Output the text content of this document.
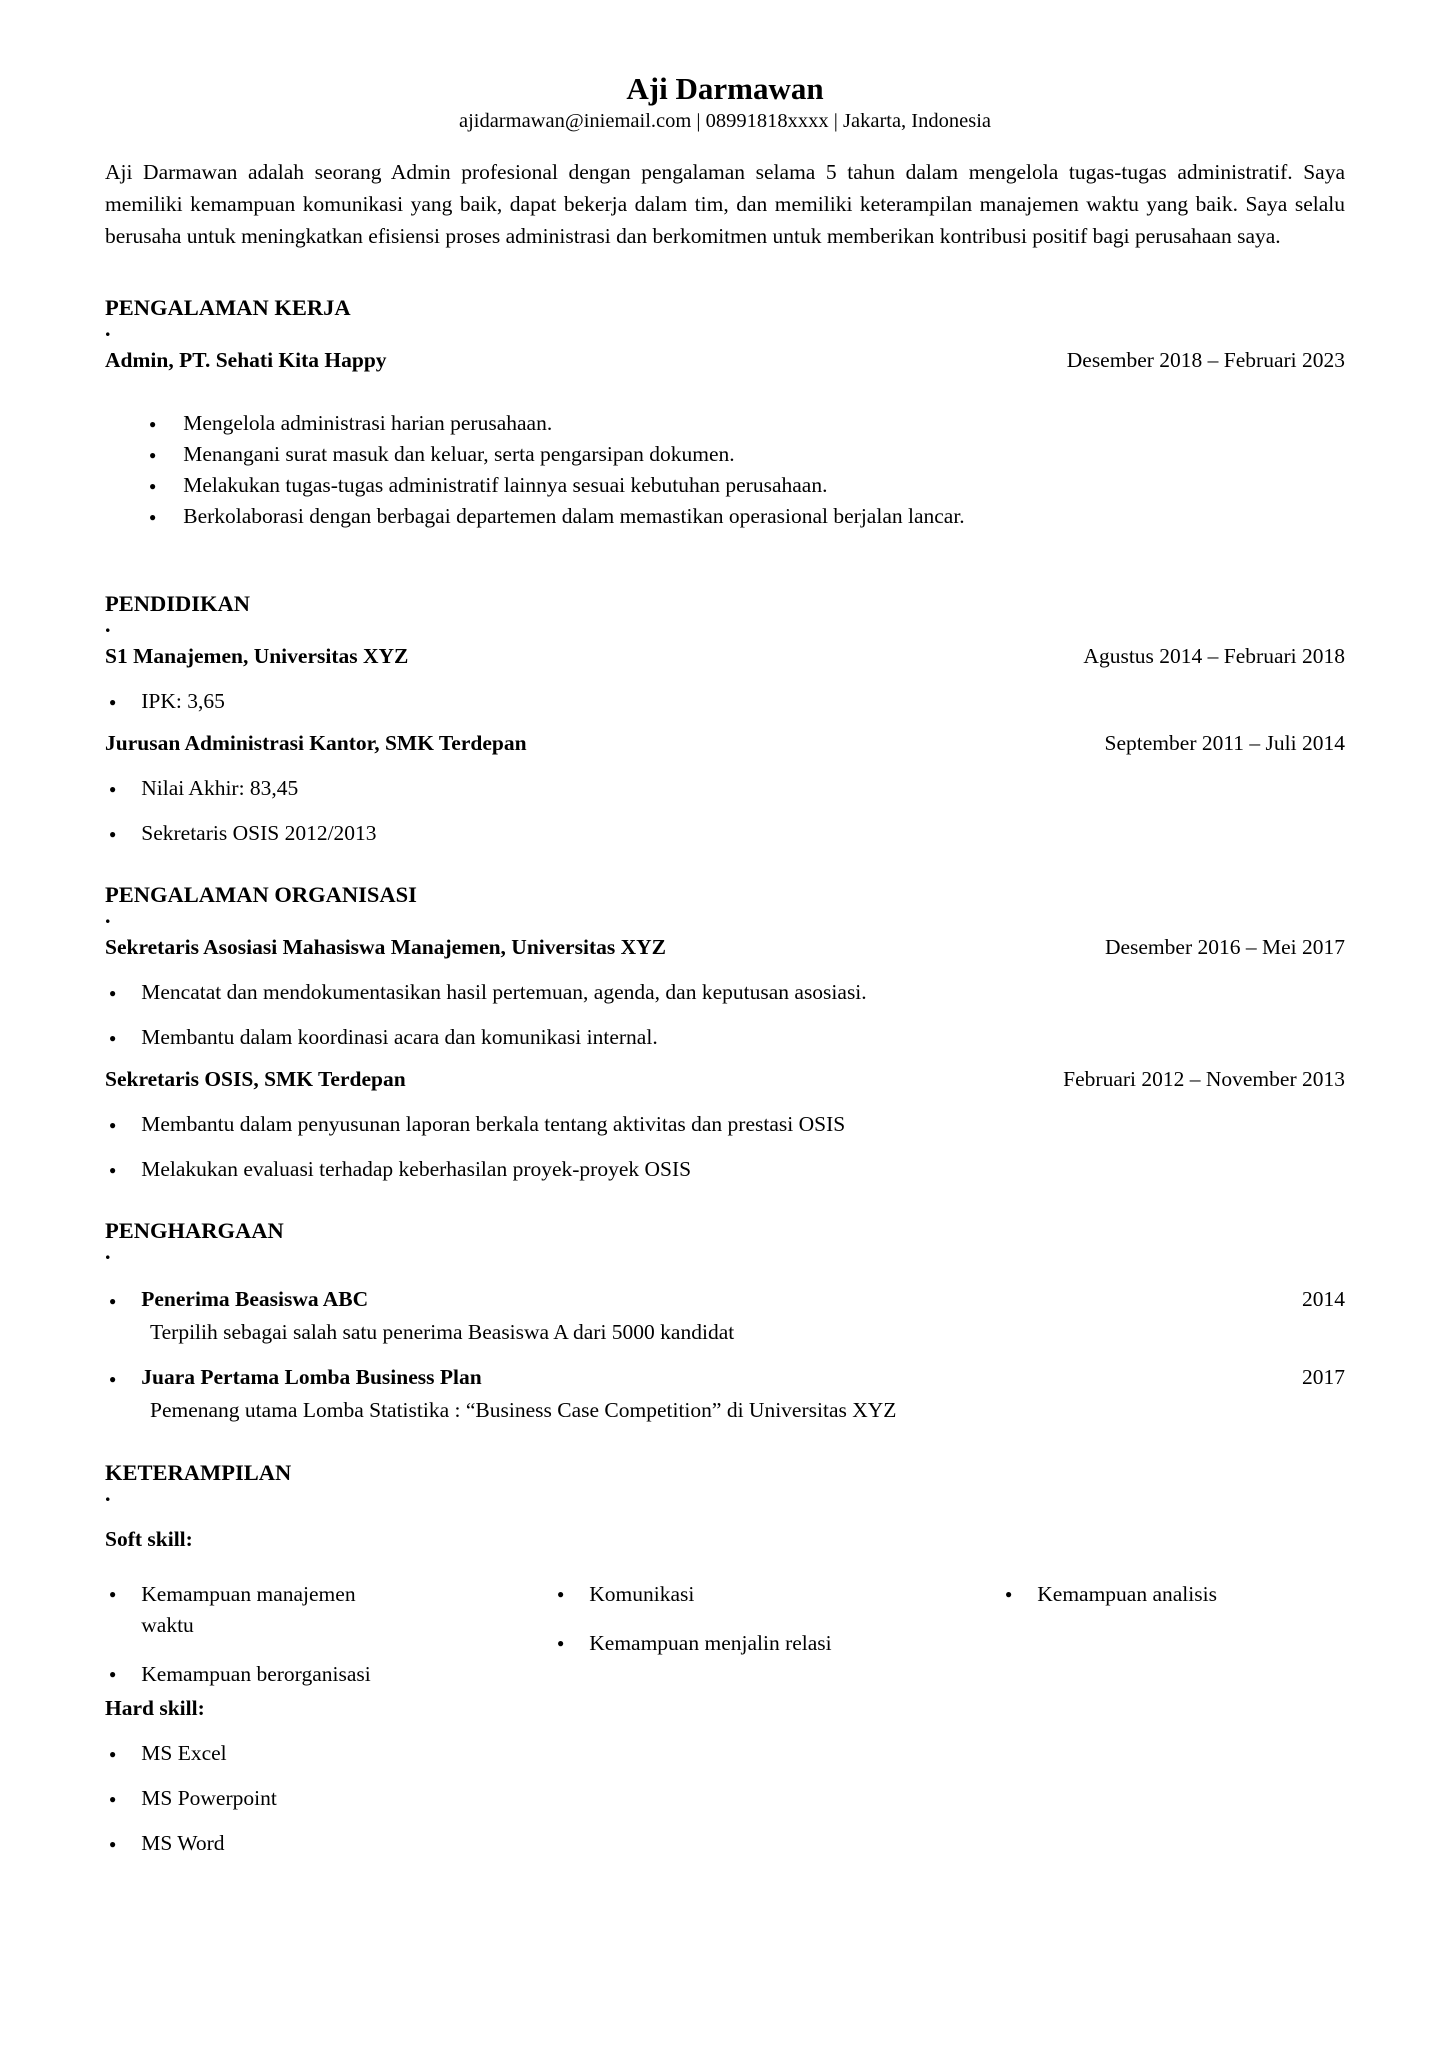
Aji Darmawan
ajidarmawan@iniemail.com | 08991818xxxx | Jakarta, Indonesia

Aji Darmawan adalah seorang Admin profesional dengan pengalaman selama 5 tahun dalam mengelola tugas-tugas administratif. Saya memiliki kemampuan komunikasi yang baik, dapat bekerja dalam tim, dan memiliki keterampilan manajemen waktu yang baik. Saya selalu berusaha untuk meningkatkan efisiensi proses administrasi dan berkomitmen untuk memberikan kontribusi positif bagi perusahaan saya.

PENGALAMAN KERJA
.
Admin, PT. Sehati Kita Happy	Desember 2018 – Februari 2023
● Mengelola administrasi harian perusahaan.
● Menangani surat masuk dan keluar, serta pengarsipan dokumen.
● Melakukan tugas-tugas administratif lainnya sesuai kebutuhan perusahaan.
● Berkolaborasi dengan berbagai departemen dalam memastikan operasional berjalan lancar.
PENDIDIKAN
.
S1 Manajemen, Universitas XYZ	Agustus 2014 – Februari 2018
● IPK: 3,65
Jurusan Administrasi Kantor, SMK Terdepan	September 2011 – Juli 2014
● Nilai Akhir: 83,45
● Sekretaris OSIS 2012/2013
PENGALAMAN ORGANISASI
.
Sekretaris Asosiasi Mahasiswa Manajemen, Universitas XYZ	Desember 2016 – Mei 2017
● Mencatat dan mendokumentasikan hasil pertemuan, agenda, dan keputusan asosiasi.
● Membantu dalam koordinasi acara dan komunikasi internal.
Sekretaris OSIS, SMK Terdepan	Februari 2012 – November 2013
● Membantu dalam penyusunan laporan berkala tentang aktivitas dan prestasi OSIS
● Melakukan evaluasi terhadap keberhasilan proyek-proyek OSIS
PENGHARGAAN
.
● Penerima Beasiswa ABC	2014
Terpilih sebagai salah satu penerima Beasiswa A dari 5000 kandidat
● Juara Pertama Lomba Business Plan	2017
Pemenang utama Lomba Statistika : “Business Case Competition” di Universitas XYZ
KETERAMPILAN
.
Soft skill:
● Kemampuan manajemen waktu
● Kemampuan berorganisasi
● Komunikasi
● Kemampuan menjalin relasi
● Kemampuan analisis
Hard skill:
● MS Excel
● MS Powerpoint
● MS Word
